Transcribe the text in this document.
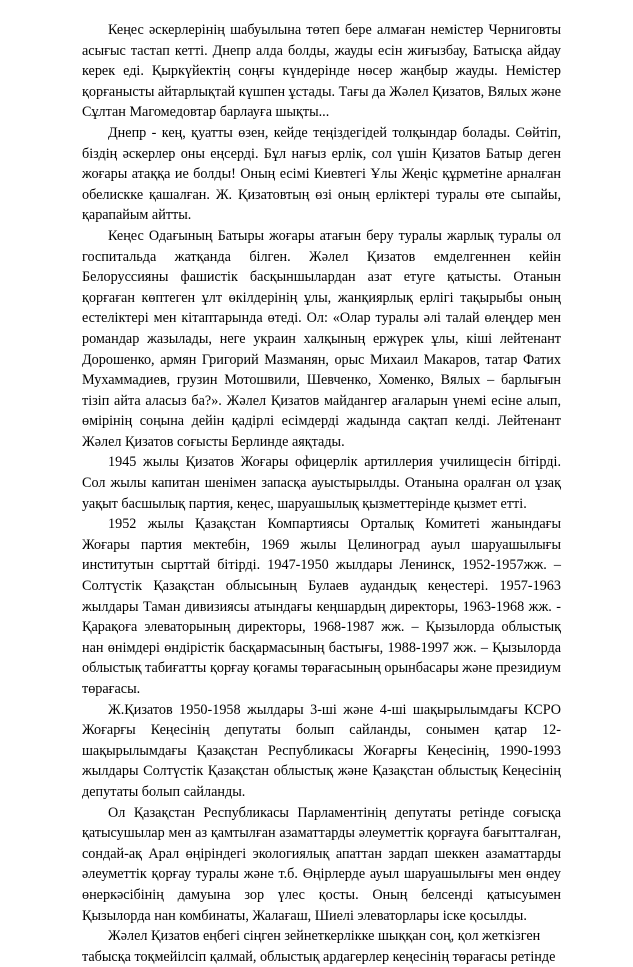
Кеңес әскерлерінің шабуылына төтеп бере алмаған немістер Черниговты асығыс тастап кетті. Днепр алда болды, жауды есін жиғызбау, Батысқа айдау керек еді. Қыркүйектің соңғы күндерінде нөсер жаңбыр жауды. Немістер қорғанысты айтарлықтай күшпен ұстады. Тағы да Жәлел Қизатов, Вялых және Сұлтан Магомедовтар барлауға шықты...

Днепр - кең, қуатты өзен, кейде теңіздегідей толқындар болады. Сөйтіп, біздің әскерлер оны еңсерді. Бұл нағыз ерлік, сол үшін Қизатов Батыр деген жоғары атаққа ие болды! Оның есімі Киевтегі Ұлы Жеңіс құрметіне арналған обелискке қашалған. Ж. Қизатовтың өзі оның ерліктері туралы өте сыпайы, қарапайым айтты.

Кеңес Одағының Батыры жоғары атағын беру туралы жарлық туралы ол госпитальда жатқанда білген. Жәлел Қизатов емделгеннен кейін Белоруссияны фашистік басқыншылардан азат етуге қатысты. Отанын қорғаған көптеген ұлт өкілдерінің ұлы, жанқиярлық ерлігі тақырыбы оның естеліктері мен кітаптарында өтеді. Ол: «Олар туралы әлі талай өлеңдер мен романдар жазылады, неге украин халқының ержүрек ұлы, кіші лейтенант Дорошенко, армян Григорий Мазманян, орыс Михаил Макаров, татар Фатих Мухаммадиев, грузин Мотошвили, Шевченко, Хоменко, Вялых – барлығын тізіп айта аласыз ба?». Жәлел Қизатов майдангер ағаларын үнемі есіне алып, өмірінің соңына дейін қадірлі есімдерді жадында сақтап келді. Лейтенант Жәлел Қизатов соғысты Берлинде аяқтады.

1945 жылы Қизатов Жоғары офицерлік артиллерия училищесін бітірді. Сол жылы капитан шенімен запасқа ауыстырылды. Отанына оралған ол ұзақ уақыт басшылық партия, кеңес, шаруашылық қызметтерінде қызмет етті.

1952 жылы Қазақстан Компартиясы Орталық Комитеті жанындағы Жоғары партия мектебін, 1969 жылы Целиноград ауыл шаруашылығы институтын сырттай бітірді. 1947-1950 жылдары Ленинск, 1952-1957жж. – Солтүстік Қазақстан облысының Булаев аудандық кеңестері. 1957-1963 жылдары Таман дивизиясы атындағы кеңшардың директоры, 1963-1968 жж. - Қарақоға элеваторының директоры, 1968-1987 жж. – Қызылорда облыстық нан өнімдері өндірістік басқармасының бастығы, 1988-1997 жж. – Қызылорда облыстық табиғатты қорғау қоғамы төрағасының орынбасары және президиум төрағасы.

Ж.Қизатов 1950-1958 жылдары 3-ші және 4-ші шақырылымдағы КСРО Жоғарғы Кеңесінің депутаты болып сайланды, сонымен қатар 12-шақырылымдағы Қазақстан Республикасы Жоғарғы Кеңесінің, 1990-1993 жылдары Солтүстік Қазақстан облыстық және Қазақстан облыстық Кеңесінің депутаты болып сайланды.

Ол Қазақстан Республикасы Парламентінің депутаты ретінде соғысқа қатысушылар мен аз қамтылған азаматтарды әлеуметтік қорғауға бағытталған, сондай-ақ Арал өңіріндегі экологиялық апаттан зардап шеккен азаматтарды әлеуметтік қорғау туралы және т.б. Өңірлерде ауыл шаруашылығы мен өндеу өнеркәсібінің дамуына зор үлес қосты. Оның белсенді қатысуымен Қызылорда нан комбинаты, Жалағаш, Шиелі элеваторлары іске қосылды.

Жәлел Қизатов еңбегі сіңген зейнеткерлікке шыққан соң, қол жеткізген табысқа тоқмейілсіп қалмай, облыстық ардагерлер кеңесінің төрағасы ретінде
